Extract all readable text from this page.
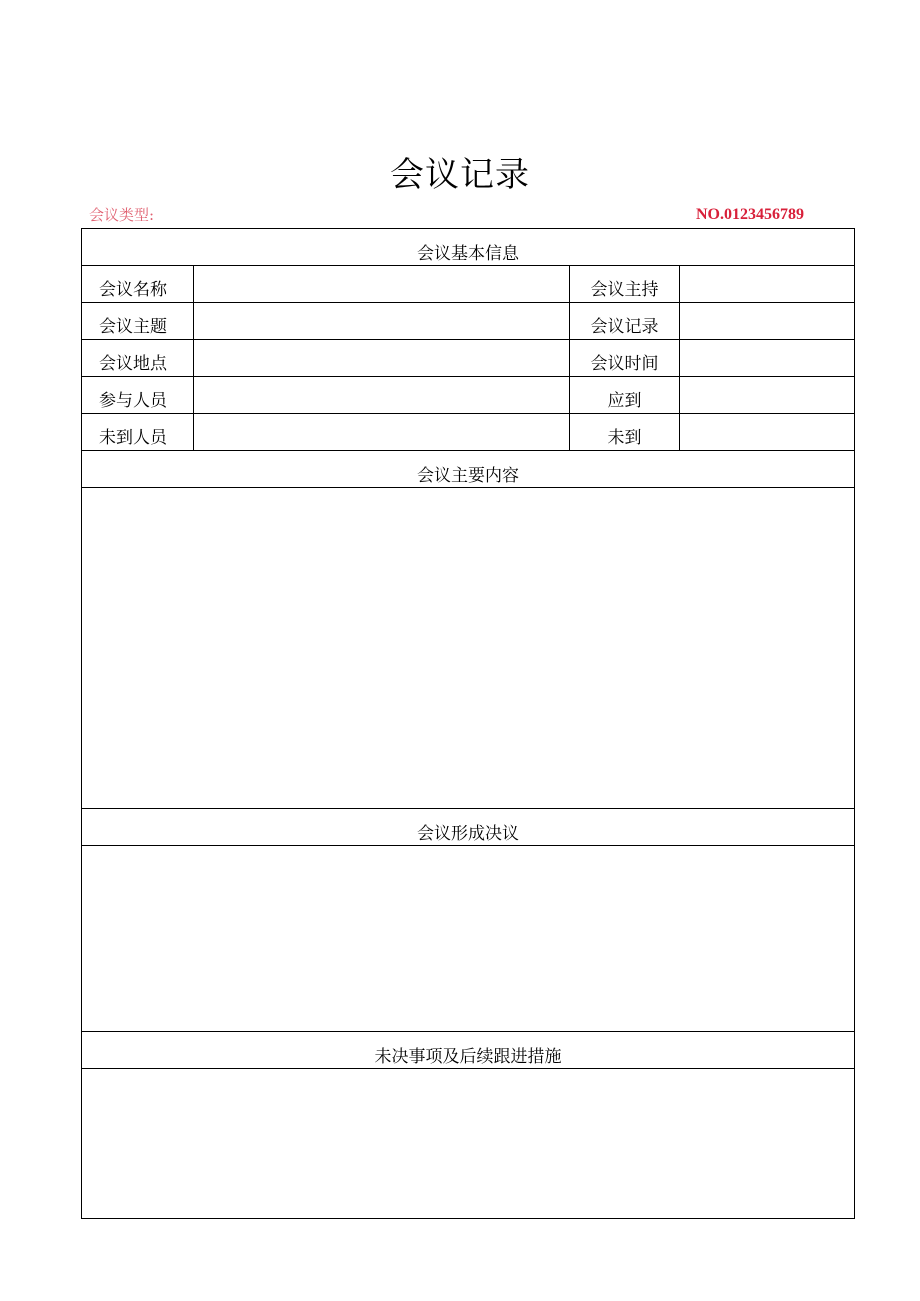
会议记录
会议类型:	NO.0123456789
会议基本信息			
会议名称		会议主持	
会议主题		会议记录	
会议地点		会议时间	
参与人员		应到	
未到人员		未到	
会议主要内容			

会议形成决议			

未决事项及后续跟进措施			
